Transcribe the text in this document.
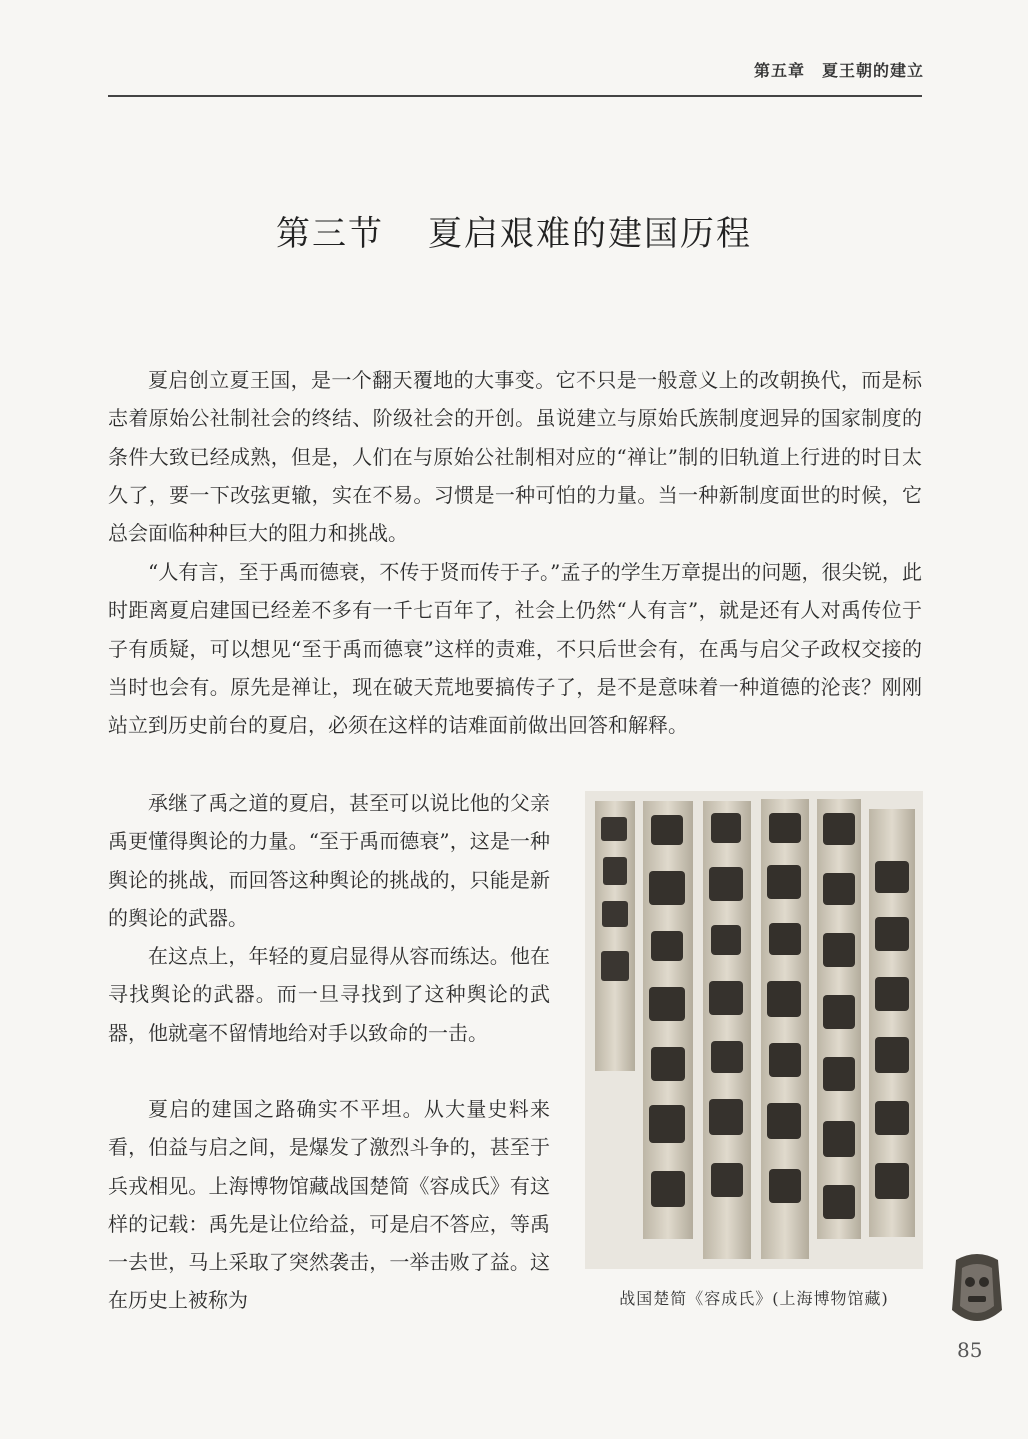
第五章　夏王朝的建立
第三节 夏启艰难的建国历程

夏启创立夏王国，是一个翻天覆地的大事变。它不只是一般意义上的改朝换代，而是标志着原始公社制社会的终结、阶级社会的开创。虽说建立与原始氏族制度迥异的国家制度的条件大致已经成熟，但是，人们在与原始公社制相对应的“禅让”制的旧轨道上行进的时日太久了，要一下改弦更辙，实在不易。习惯是一种可怕的力量。当一种新制度面世的时候，它总会面临种种巨大的阻力和挑战。

“人有言，至于禹而德衰，不传于贤而传于子。”孟子的学生万章提出的问题，很尖锐，此时距离夏启建国已经差不多有一千七百年了，社会上仍然“人有言”，就是还有人对禹传位于子有质疑，可以想见“至于禹而德衰”这样的责难，不只后世会有，在禹与启父子政权交接的当时也会有。原先是禅让，现在破天荒地要搞传子了，是不是意味着一种道德的沦丧？刚刚站立到历史前台的夏启，必须在这样的诘难面前做出回答和解释。

承继了禹之道的夏启，甚至可以说比他的父亲禹更懂得舆论的力量。“至于禹而德衰”，这是一种舆论的挑战，而回答这种舆论的挑战的，只能是新的舆论的武器。

在这点上，年轻的夏启显得从容而练达。他在寻找舆论的武器。而一旦寻找到了这种舆论的武器，他就毫不留情地给对手以致命的一击。

夏启的建国之路确实不平坦。从大量史料来看，伯益与启之间，是爆发了激烈斗争的，甚至于兵戎相见。上海博物馆藏战国楚简《容成氏》有这样的记载：禹先是让位给益，可是启不答应，等禹一去世，马上采取了突然袭击，一举击败了益。这在历史上被称为	战国楚简《容成氏》(上海博物馆藏)
85
